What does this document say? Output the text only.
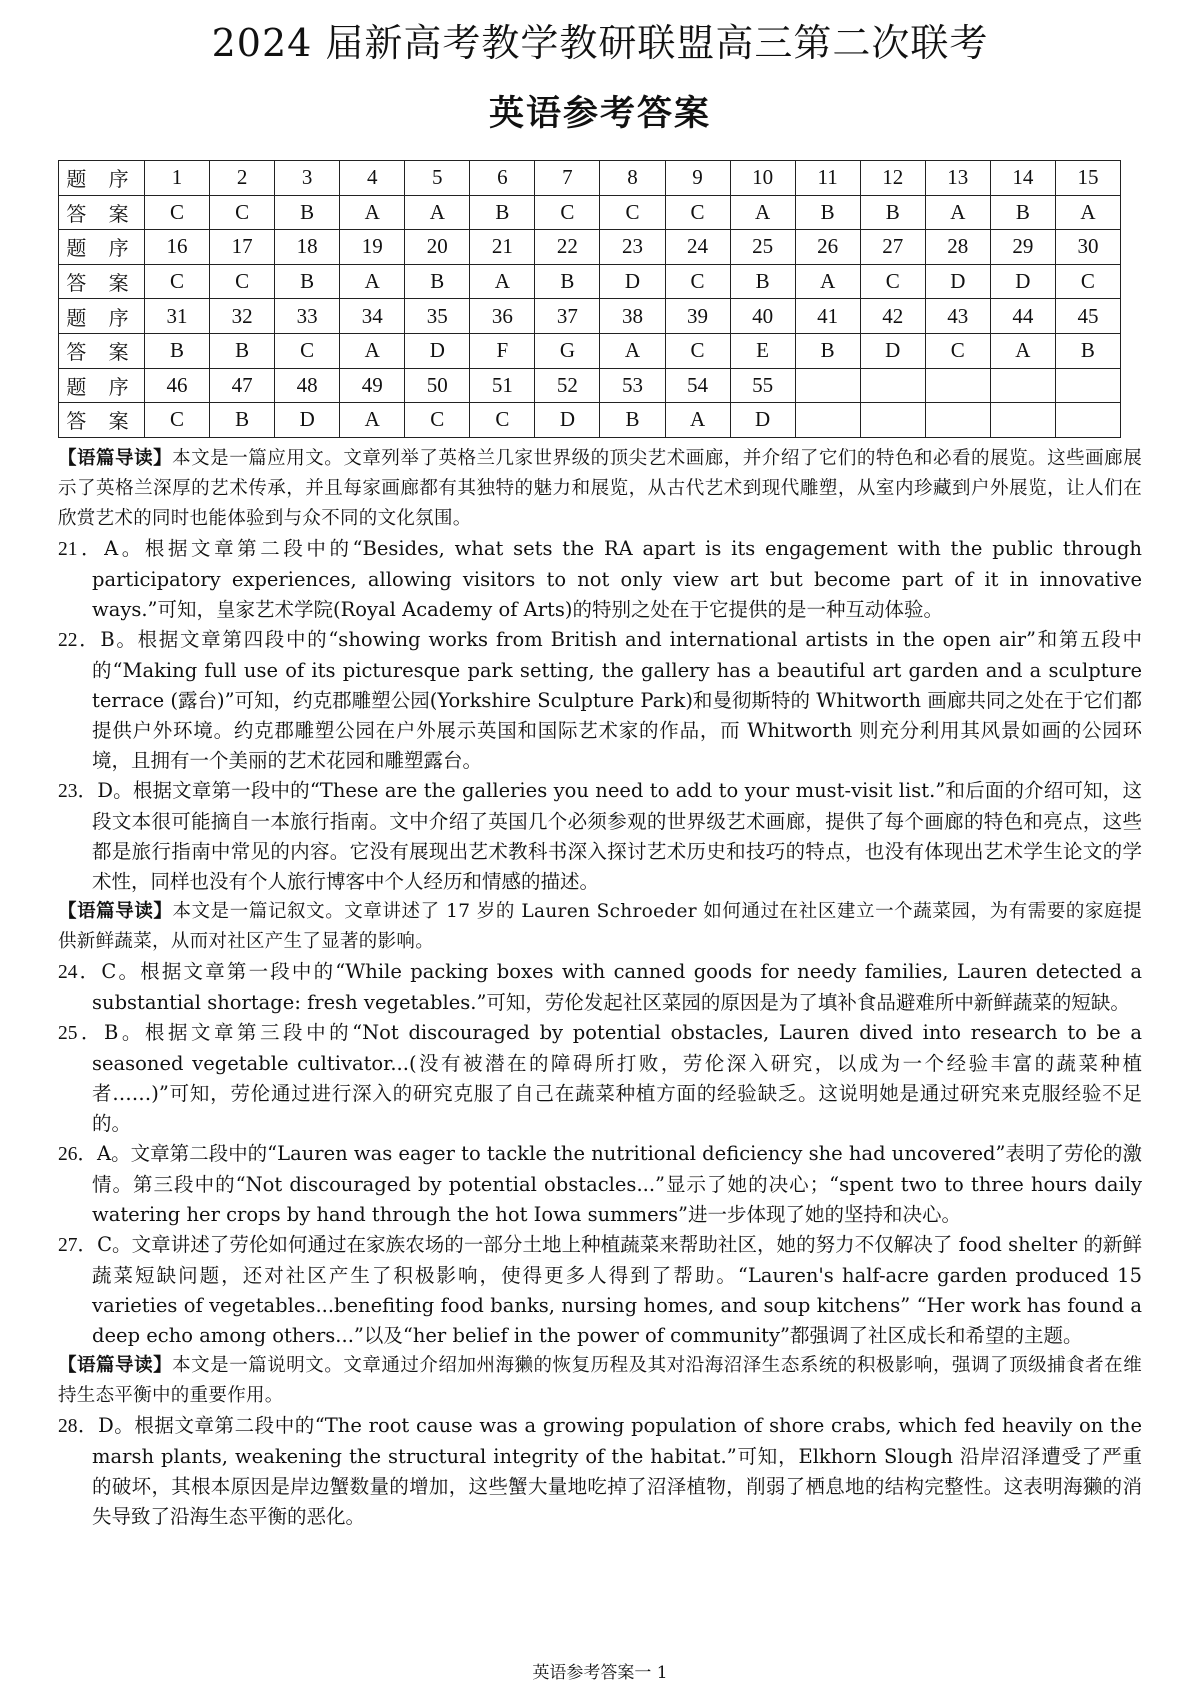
2024 届新高考教学教研联盟高三第二次联考
英语参考答案
题 序	1	2	3	4	5	6	7	8	9	10	11	12	13	14	15
答 案	C	C	B	A	A	B	C	C	C	A	B	B	A	B	A
题 序	16	17	18	19	20	21	22	23	24	25	26	27	28	29	30
答 案	C	C	B	A	B	A	B	D	C	B	A	C	D	D	C
题 序	31	32	33	34	35	36	37	38	39	40	41	42	43	44	45
答 案	B	B	C	A	D	F	G	A	C	E	B	D	C	A	B
题 序	46	47	48	49	50	51	52	53	54	55					
答 案	C	B	D	A	C	C	D	B	A	D					

【语篇导读】本文是一篇应用文。文章列举了英格兰几家世界级的顶尖艺术画廊，并介绍了它们的特色和必看的展览。这些画廊展示了英格兰深厚的艺术传承，并且每家画廊都有其独特的魅力和展览，从古代艺术到现代雕塑，从室内珍藏到户外展览，让人们在欣赏艺术的同时也能体验到与众不同的文化氛围。

21．A。根据文章第二段中的“Besides, what sets the RA apart is its engagement with the public through participatory experiences, allowing visitors to not only view art but become part of it in innovative ways.”可知，皇家艺术学院(Royal Academy of Arts)的特别之处在于它提供的是一种互动体验。

22．B。根据文章第四段中的“showing works from British and international artists in the open air”和第五段中的“Making full use of its picturesque park setting, the gallery has a beautiful art garden and a sculpture terrace (露台)”可知，约克郡雕塑公园(Yorkshire Sculpture Park)和曼彻斯特的 Whitworth 画廊共同之处在于它们都提供户外环境。约克郡雕塑公园在户外展示英国和国际艺术家的作品，而 Whitworth 则充分利用其风景如画的公园环境，且拥有一个美丽的艺术花园和雕塑露台。

23．D。根据文章第一段中的“These are the galleries you need to add to your must-visit list.”和后面的介绍可知，这段文本很可能摘自一本旅行指南。文中介绍了英国几个必须参观的世界级艺术画廊，提供了每个画廊的特色和亮点，这些都是旅行指南中常见的内容。它没有展现出艺术教科书深入探讨艺术历史和技巧的特点，也没有体现出艺术学生论文的学术性，同样也没有个人旅行博客中个人经历和情感的描述。

【语篇导读】本文是一篇记叙文。文章讲述了 17 岁的 Lauren Schroeder 如何通过在社区建立一个蔬菜园，为有需要的家庭提供新鲜蔬菜，从而对社区产生了显著的影响。

24．C。根据文章第一段中的“While packing boxes with canned goods for needy families, Lauren detected a substantial shortage: fresh vegetables.”可知，劳伦发起社区菜园的原因是为了填补食品避难所中新鲜蔬菜的短缺。

25．B。根据文章第三段中的“Not discouraged by potential obstacles, Lauren dived into research to be a seasoned vegetable cultivator...(没有被潜在的障碍所打败，劳伦深入研究，以成为一个经验丰富的蔬菜种植者……)”可知，劳伦通过进行深入的研究克服了自己在蔬菜种植方面的经验缺乏。这说明她是通过研究来克服经验不足的。

26．A。文章第二段中的“Lauren was eager to tackle the nutritional deficiency she had uncovered”表明了劳伦的激情。第三段中的“Not discouraged by potential obstacles...”显示了她的决心；“spent two to three hours daily watering her crops by hand through the hot Iowa summers”进一步体现了她的坚持和决心。

27．C。文章讲述了劳伦如何通过在家族农场的一部分土地上种植蔬菜来帮助社区，她的努力不仅解决了 food shelter 的新鲜蔬菜短缺问题，还对社区产生了积极影响，使得更多人得到了帮助。“Lauren's half-acre garden produced 15 varieties of vegetables...benefiting food banks, nursing homes, and soup kitchens” “Her work has found a deep echo among others...”以及“her belief in the power of community”都强调了社区成长和希望的主题。

【语篇导读】本文是一篇说明文。文章通过介绍加州海獭的恢复历程及其对沿海沼泽生态系统的积极影响，强调了顶级捕食者在维持生态平衡中的重要作用。

28．D。根据文章第二段中的“The root cause was a growing population of shore crabs, which fed heavily on the marsh plants, weakening the structural integrity of the habitat.”可知，Elkhorn Slough 沿岸沼泽遭受了严重的破坏，其根本原因是岸边蟹数量的增加，这些蟹大量地吃掉了沼泽植物，削弱了栖息地的结构完整性。这表明海獭的消失导致了沿海生态平衡的恶化。

英语参考答案一 1
